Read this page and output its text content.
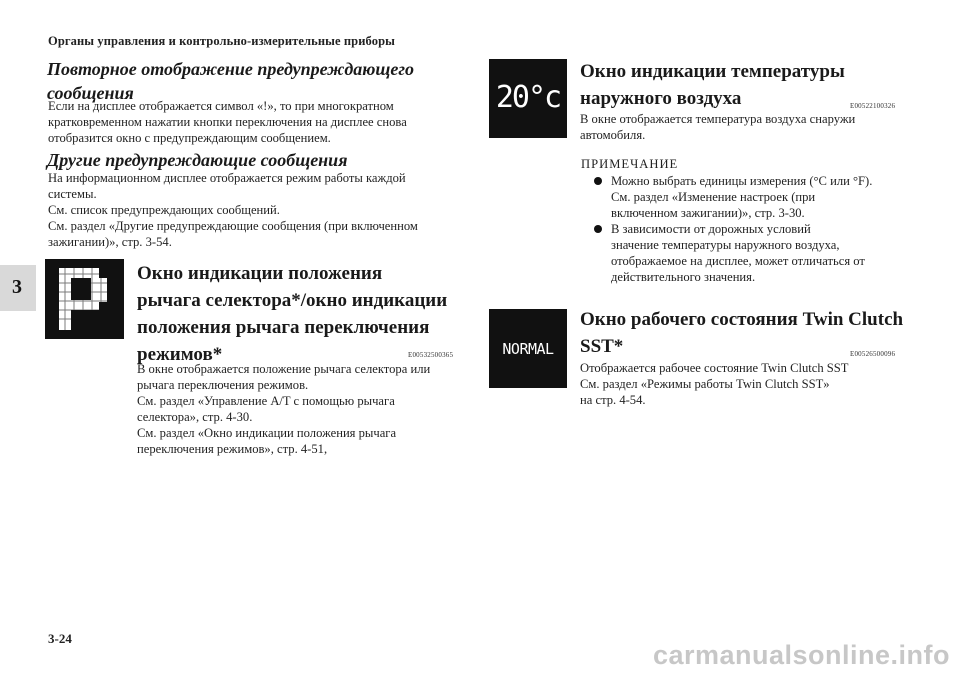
Органы управления и контрольно-измерительные приборы
3
3-24
Повторное отображение предупреждающего
сообщения
Если на дисплее отображается символ «!», то при многократном
кратковременном нажатии кнопки переключения на дисплее снова
отобразится окно с предупреждающим сообщением.
Другие предупреждающие сообщения
На информационном дисплее отображается режим работы каждой
системы.
См. список предупреждающих сообщений.
См. раздел «Другие предупреждающие сообщения (при включенном
зажигании)», стр. 3-54.
Окно индикации положения
рычага селектора*/окно индикации
положения рычага переключения
режимов*	E00532500365
В окне отображается положение рычага селектора или
рычага переключения режимов.
См. раздел «Управление A/T с помощью рычага
селектора», стр. 4-30.
См. раздел «Окно индикации положения рычага
переключения режимов», стр. 4-51,
20°c
Окно индикации температуры
наружного воздуха	E00522100326
В окне отображается температура воздуха снаружи
автомобиля.
ПРИМЕЧАНИЕ
Можно выбрать единицы измерения (°C или °F).
См. раздел «Изменение настроек (при
включенном зажигании)», стр. 3-30.
В зависимости от дорожных условий
значение температуры наружного воздуха,
отображаемое на дисплее, может отличаться от
действительного значения.
NORMAL
Окно рабочего состояния Twin Clutch
SST*	E00526500096
Отображается рабочее состояние Twin Clutch SST
См. раздел «Режимы работы Twin Clutch SST»
на стр. 4-54.
carmanualsonline.info
